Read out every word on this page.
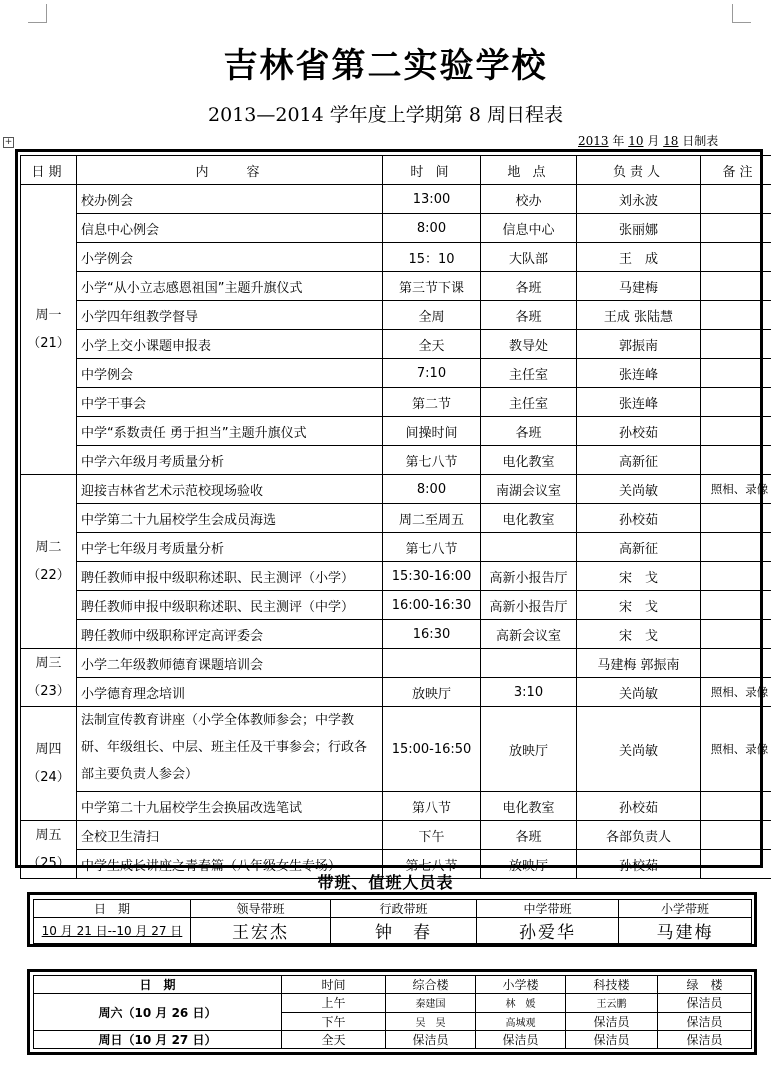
+
吉林省第二实验学校
2013—2014 学年度上学期第 8 周日程表
2013 年 10 月 18 日制表
日期	内　　容	时 间	地 点	负责人	备注

周一
（21）	校办例会	13:00	校办	刘永波	
	信息中心例会	8:00	信息中心	张丽娜	
	小学例会	15：10	大队部	王　成	
	小学“从小立志感恩祖国”主题升旗仪式	第三节下课	各班	马建梅	
	小学四年组教学督导	全周	各班	王成 张陆慧	
	小学上交小课题申报表	全天	教导处	郭振南	
	中学例会	7:10	主任室	张连峰	
	中学干事会	第二节	主任室	张连峰	
	中学“系数责任 勇于担当”主题升旗仪式	间操时间	各班	孙校茹	
	中学六年级月考质量分析	第七八节	电化教室	高新征	

周二
（22）	迎接吉林省艺术示范校现场验收	8:00	南湖会议室	关尚敏	照相、录像
	中学第二十九届校学生会成员海选	周二至周五	电化教室	孙校茹	
	中学七年级月考质量分析	第七八节		高新征	
	聘任教师申报中级职称述职、民主测评（小学）	15:30-16:00	高新小报告厅	宋　戈	
	聘任教师申报中级职称述职、民主测评（中学）	16:00-16:30	高新小报告厅	宋　戈	
	聘任教师中级职称评定高评委会	16:30	高新会议室	宋　戈	

周三
（23）	小学二年级教师德育课题培训会			马建梅 郭振南	
	小学德育理念培训	放映厅	3:10	关尚敏	照相、录像

周四
（24）	法制宣传教育讲座（小学全体教师参会；中学教研、年级组长、中层、班主任及干事参会；行政各部主要负责人参会）	15:00-16:50	放映厅	关尚敏	照相、录像
	中学第二十九届校学生会换届改选笔试	第八节	电化教室	孙校茹	

周五
（25）	全校卫生清扫	下午	各班	各部负责人	
	中学生成长讲座之青春篇（八年级女生专场）	第七八节	放映厅	孙校茹	
带班、值班人员表
日　期	领导带班	行政带班	中学带班	小学带班
10 月 21 日--10 月 27 日	王宏杰	钟　春	孙爱华	马建梅
日　期	时间	综合楼	小学楼	科技楼	绿　楼
周六（10 月 26 日）	上午	秦建国	林　媛	王云鹏	保洁员
	下午	吴　昊	高城观	保洁员	保洁员
周日（10 月 27 日）	全天	保洁员	保洁员	保洁员	保洁员
